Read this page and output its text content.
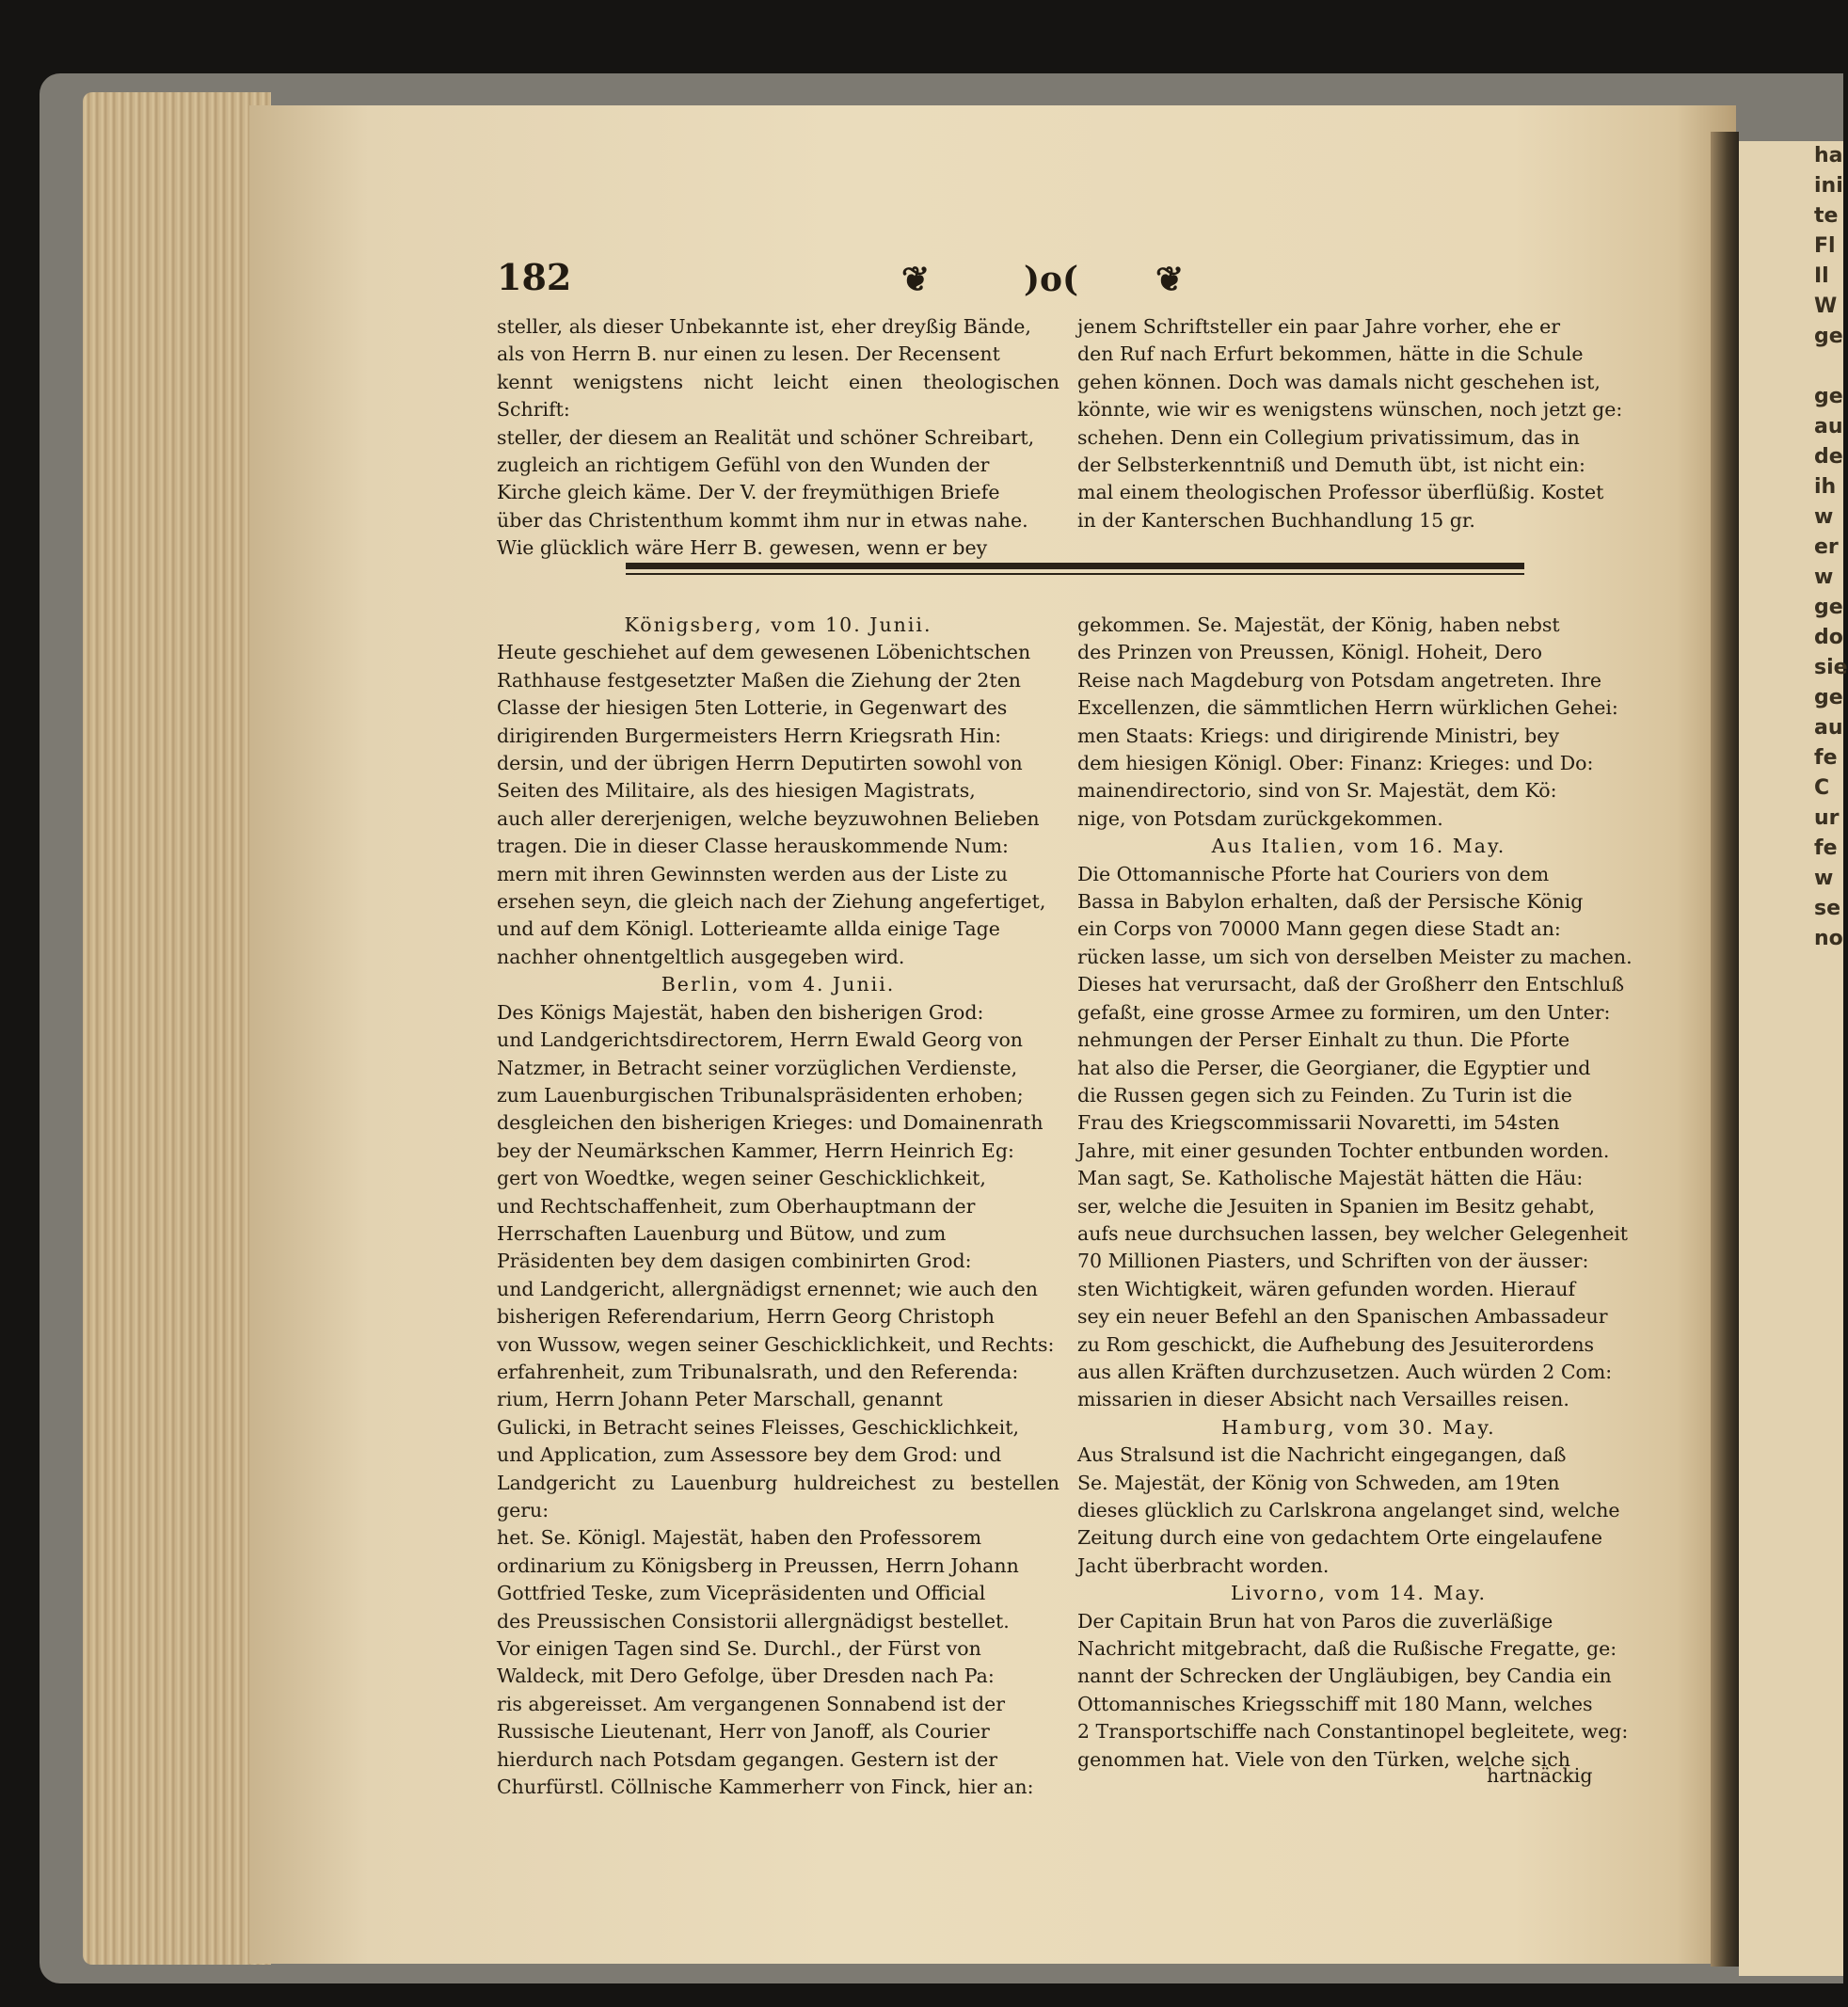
ha
ini
te
Fl
Il
W
ge

ge
au
de
ih
w
er
w
ge
do
sie
ge
au
fe
C
ur
fe
w
se
no
182	❦	)o( ❦

steller, als dieser Unbekannte ist, eher dreyßig Bände,

als von Herrn B. nur einen zu lesen. Der Recensent

kennt wenigstens nicht leicht einen theologischen Schrift:

steller, der diesem an Realität und schöner Schreibart,

zugleich an richtigem Gefühl von den Wunden der

Kirche gleich käme. Der V. der freymüthigen Briefe

über das Christenthum kommt ihm nur in etwas nahe.

Wie glücklich wäre Herr B. gewesen, wenn er bey

jenem Schriftsteller ein paar Jahre vorher, ehe er

den Ruf nach Erfurt bekommen, hätte in die Schule

gehen können. Doch was damals nicht geschehen ist,

könnte, wie wir es wenigstens wünschen, noch jetzt ge:

schehen. Denn ein Collegium privatissimum, das in

der Selbsterkenntniß und Demuth übt, ist nicht ein:

mal einem theologischen Professor überflüßig. Kostet

in der Kanterschen Buchhandlung 15 gr.

Königsberg, vom 10. Junii.

Heute geschiehet auf dem gewesenen Löbenichtschen

Rathhause festgesetzter Maßen die Ziehung der 2ten

Classe der hiesigen 5ten Lotterie, in Gegenwart des

dirigirenden Burgermeisters Herrn Kriegsrath Hin:

dersin, und der übrigen Herrn Deputirten sowohl von

Seiten des Militaire, als des hiesigen Magistrats,

auch aller dererjenigen, welche beyzuwohnen Belieben

tragen. Die in dieser Classe herauskommende Num:

mern mit ihren Gewinnsten werden aus der Liste zu

ersehen seyn, die gleich nach der Ziehung angefertiget,

und auf dem Königl. Lotterieamte allda einige Tage

nachher ohnentgeltlich ausgegeben wird.

Berlin, vom 4. Junii.

Des Königs Majestät, haben den bisherigen Grod:

und Landgerichtsdirectorem, Herrn Ewald Georg von

Natzmer, in Betracht seiner vorzüglichen Verdienste,

zum Lauenburgischen Tribunalspräsidenten erhoben;

desgleichen den bisherigen Krieges: und Domainenrath

bey der Neumärkschen Kammer, Herrn Heinrich Eg:

gert von Woedtke, wegen seiner Geschicklichkeit,

und Rechtschaffenheit, zum Oberhauptmann der

Herrschaften Lauenburg und Bütow, und zum

Präsidenten bey dem dasigen combinirten Grod:

und Landgericht, allergnädigst ernennet; wie auch den

bisherigen Referendarium, Herrn Georg Christoph

von Wussow, wegen seiner Geschicklichkeit, und Rechts:

erfahrenheit, zum Tribunalsrath, und den Referenda:

rium, Herrn Johann Peter Marschall, genannt

Gulicki, in Betracht seines Fleisses, Geschicklichkeit,

und Application, zum Assessore bey dem Grod: und

Landgericht zu Lauenburg huldreichest zu bestellen geru:

het. Se. Königl. Majestät, haben den Professorem

ordinarium zu Königsberg in Preussen, Herrn Johann

Gottfried Teske, zum Vicepräsidenten und Official

des Preussischen Consistorii allergnädigst bestellet.

Vor einigen Tagen sind Se. Durchl., der Fürst von

Waldeck, mit Dero Gefolge, über Dresden nach Pa:

ris abgereisset. Am vergangenen Sonnabend ist der

Russische Lieutenant, Herr von Janoff, als Courier

hierdurch nach Potsdam gegangen. Gestern ist der

Churfürstl. Cöllnische Kammerherr von Finck, hier an:

gekommen. Se. Majestät, der König, haben nebst

des Prinzen von Preussen, Königl. Hoheit, Dero

Reise nach Magdeburg von Potsdam angetreten. Ihre

Excellenzen, die sämmtlichen Herrn würklichen Gehei:

men Staats: Kriegs: und dirigirende Ministri, bey

dem hiesigen Königl. Ober: Finanz: Krieges: und Do:

mainendirectorio, sind von Sr. Majestät, dem Kö:

nige, von Potsdam zurückgekommen.

Aus Italien, vom 16. May.

Die Ottomannische Pforte hat Couriers von dem

Bassa in Babylon erhalten, daß der Persische König

ein Corps von 70000 Mann gegen diese Stadt an:

rücken lasse, um sich von derselben Meister zu machen.

Dieses hat verursacht, daß der Großherr den Entschluß

gefaßt, eine grosse Armee zu formiren, um den Unter:

nehmungen der Perser Einhalt zu thun. Die Pforte

hat also die Perser, die Georgianer, die Egyptier und

die Russen gegen sich zu Feinden. Zu Turin ist die

Frau des Kriegscommissarii Novaretti, im 54sten

Jahre, mit einer gesunden Tochter entbunden worden.

Man sagt, Se. Katholische Majestät hätten die Häu:

ser, welche die Jesuiten in Spanien im Besitz gehabt,

aufs neue durchsuchen lassen, bey welcher Gelegenheit

70 Millionen Piasters, und Schriften von der äusser:

sten Wichtigkeit, wären gefunden worden. Hierauf

sey ein neuer Befehl an den Spanischen Ambassadeur

zu Rom geschickt, die Aufhebung des Jesuiterordens

aus allen Kräften durchzusetzen. Auch würden 2 Com:

missarien in dieser Absicht nach Versailles reisen.

Hamburg, vom 30. May.

Aus Stralsund ist die Nachricht eingegangen, daß

Se. Majestät, der König von Schweden, am 19ten

dieses glücklich zu Carlskrona angelanget sind, welche

Zeitung durch eine von gedachtem Orte eingelaufene

Jacht überbracht worden.

Livorno, vom 14. May.

Der Capitain Brun hat von Paros die zuverläßige

Nachricht mitgebracht, daß die Rußische Fregatte, ge:

nannt der Schrecken der Ungläubigen, bey Candia ein

Ottomannisches Kriegsschiff mit 180 Mann, welches

2 Transportschiffe nach Constantinopel begleitete, weg:

genommen hat. Viele von den Türken, welche sich

hartnäckig
